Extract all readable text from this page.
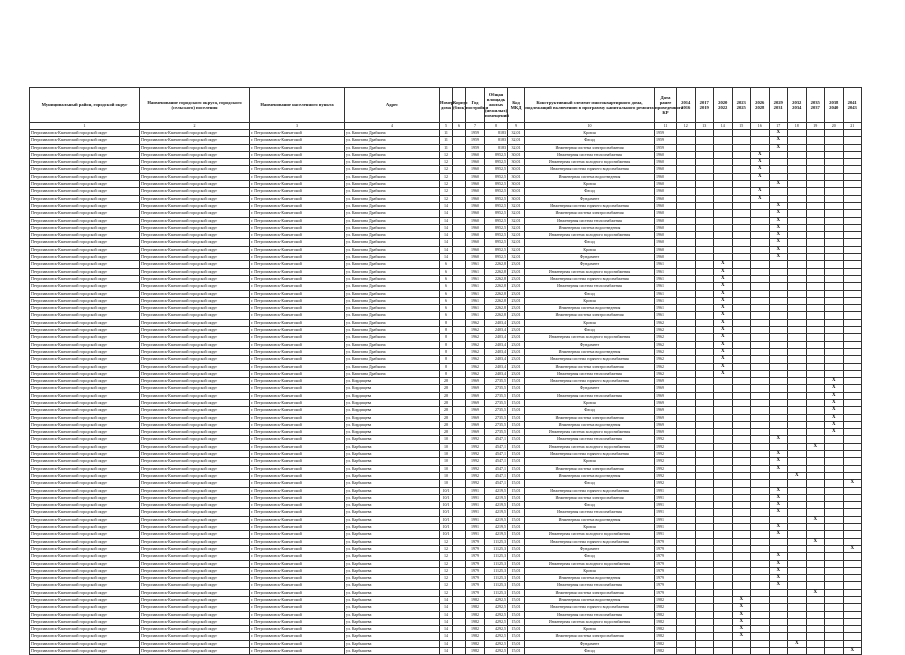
Муниципальный район, городской округ	Наименование городского округа, городского (сельского) поселения	Наименование населенного пункта	Адрес	Номер дома	Корпус (блок)	Год постройки	Общая площадь жилых (нежилых) помещений	Код МКД	Конструктивный элемент многоквартирного дома, подлежащий включению в программу капитального ремонта	Дата ранее проведенного КР	2014 2016	2017 2019	2020 2022	2023 2025	2026 2028	2029 2031	2032 2034	2035 2037	2038 2040	2041 2043
1	2	3	4	5	6	7	8	9	10	11	12	13	14	15	16	17	18	19	20	21
Петропавловск-Камчатский городской округ	Петропавловск-Камчатский городской округ	г. Петропавловск-Камчатский	ул. Капитана Драбкина	11		1959	8183	32,01	Кровля	1959						X				
Петропавловск-Камчатский городской округ	Петропавловск-Камчатский городской округ	г. Петропавловск-Камчатский	ул. Капитана Драбкина	11		1959	8183	32,01	Фасад	1959						X				
Петропавловск-Камчатский городской округ	Петропавловск-Камчатский городской округ	г. Петропавловск-Камчатский	ул. Капитана Драбкина	11		1959	8183	32,01	Инженерная система электроснабжения	1959						X				
Петропавловск-Камчатский городской округ	Петропавловск-Камчатский городской округ	г. Петропавловск-Камчатский	ул. Капитана Драбкина	12		1960	8952,5	30,01	Инженерная система теплоснабжения	1960					X					
Петропавловск-Камчатский городской округ	Петропавловск-Камчатский городской округ	г. Петропавловск-Камчатский	ул. Капитана Драбкина	12		1960	8952,5	30,01	Инженерная система холодного водоснабжения	1960					X					
Петропавловск-Камчатский городской округ	Петропавловск-Камчатский городской округ	г. Петропавловск-Камчатский	ул. Капитана Драбкина	12		1960	8952,5	30,01	Инженерная система горячего водоснабжения	1960					X					
Петропавловск-Камчатский городской округ	Петропавловск-Камчатский городской округ	г. Петропавловск-Камчатский	ул. Капитана Драбкина	12		1960	8952,5	30,01	Инженерная система водоотведения	1960					X					
Петропавловск-Камчатский городской округ	Петропавловск-Камчатский городской округ	г. Петропавловск-Камчатский	ул. Капитана Драбкина	12		1960	8952,5	30,01	Кровля	1960						X				
Петропавловск-Камчатский городской округ	Петропавловск-Камчатский городской округ	г. Петропавловск-Камчатский	ул. Капитана Драбкина	12		1960	8952,5	30,01	Фасад	1960					X					
Петропавловск-Камчатский городской округ	Петропавловск-Камчатский городской округ	г. Петропавловск-Камчатский	ул. Капитана Драбкина	12		1960	8952,5	30,01	Фундамент	1960					X					
Петропавловск-Камчатский городской округ	Петропавловск-Камчатский городской округ	г. Петропавловск-Камчатский	ул. Капитана Драбкина	14		1960	8952,5	32,01	Инженерная система горячего водоснабжения	1960						X				
Петропавловск-Камчатский городской округ	Петропавловск-Камчатский городской округ	г. Петропавловск-Камчатский	ул. Капитана Драбкина	14		1960	8952,5	32,01	Инженерная система электроснабжения	1960						X				
Петропавловск-Камчатский городской округ	Петропавловск-Камчатский городской округ	г. Петропавловск-Камчатский	ул. Капитана Драбкина	14		1960	8952,5	32,01	Инженерная система теплоснабжения	1960						X				
Петропавловск-Камчатский городской округ	Петропавловск-Камчатский городской округ	г. Петропавловск-Камчатский	ул. Капитана Драбкина	14		1960	8952,5	32,01	Инженерная система водоотведения	1960						X				
Петропавловск-Камчатский городской округ	Петропавловск-Камчатский городской округ	г. Петропавловск-Камчатский	ул. Капитана Драбкина	14		1960	8952,5	32,01	Инженерная система холодного водоснабжения	1960						X				
Петропавловск-Камчатский городской округ	Петропавловск-Камчатский городской округ	г. Петропавловск-Камчатский	ул. Капитана Драбкина	14		1960	8952,5	32,01	Фасад	1960						X				
Петропавловск-Камчатский городской округ	Петропавловск-Камчатский городской округ	г. Петропавловск-Камчатский	ул. Капитана Драбкина	14		1960	8952,5	32,01	Кровля	1960						X				
Петропавловск-Камчатский городской округ	Петропавловск-Камчатский городской округ	г. Петропавловск-Камчатский	ул. Капитана Драбкина	14		1960	8952,5	32,01	Фундамент	1960						X				
Петропавловск-Камчатский городской округ	Петропавловск-Камчатский городской округ	г. Петропавловск-Камчатский	ул. Капитана Драбкина	6		1961	2262,8	23,01	Фундамент	1961			X							
Петропавловск-Камчатский городской округ	Петропавловск-Камчатский городской округ	г. Петропавловск-Камчатский	ул. Капитана Драбкина	6		1961	2262,8	23,01	Инженерная система холодного водоснабжения	1961			X							
Петропавловск-Камчатский городской округ	Петропавловск-Камчатский городской округ	г. Петропавловск-Камчатский	ул. Капитана Драбкина	6		1961	2262,8	23,01	Инженерная система горячего водоснабжения	1961			X							
Петропавловск-Камчатский городской округ	Петропавловск-Камчатский городской округ	г. Петропавловск-Камчатский	ул. Капитана Драбкина	6		1961	2262,8	23,01	Инженерная система теплоснабжения	1961			X							
Петропавловск-Камчатский городской округ	Петропавловск-Камчатский городской округ	г. Петропавловск-Камчатский	ул. Капитана Драбкина	6		1961	2262,8	23,01	Фасад	1961			X							
Петропавловск-Камчатский городской округ	Петропавловск-Камчатский городской округ	г. Петропавловск-Камчатский	ул. Капитана Драбкина	6		1961	2262,8	23,01	Кровля	1961			X							
Петропавловск-Камчатский городской округ	Петропавловск-Камчатский городской округ	г. Петропавловск-Камчатский	ул. Капитана Драбкина	6		1961	2262,8	23,01	Инженерная система водоотведения	1961			X							
Петропавловск-Камчатский городской округ	Петропавловск-Камчатский городской округ	г. Петропавловск-Камчатский	ул. Капитана Драбкина	6		1961	2262,8	23,01	Инженерная система электроснабжения	1961			X							
Петропавловск-Камчатский городской округ	Петропавловск-Камчатский городской округ	г. Петропавловск-Камчатский	ул. Капитана Драбкина	8		1962	2403,4	23,01	Кровля	1962			X							
Петропавловск-Камчатский городской округ	Петропавловск-Камчатский городской округ	г. Петропавловск-Камчатский	ул. Капитана Драбкина	8		1962	2403,4	23,01	Фасад	1962			X							
Петропавловск-Камчатский городской округ	Петропавловск-Камчатский городской округ	г. Петропавловск-Камчатский	ул. Капитана Драбкина	8		1962	2403,4	23,01	Инженерная система холодного водоснабжения	1962			X							
Петропавловск-Камчатский городской округ	Петропавловск-Камчатский городской округ	г. Петропавловск-Камчатский	ул. Капитана Драбкина	8		1962	2403,4	23,01	Фундамент	1962			X							
Петропавловск-Камчатский городской округ	Петропавловск-Камчатский городской округ	г. Петропавловск-Камчатский	ул. Капитана Драбкина	8		1962	2403,4	23,01	Инженерная система водоотведения	1962			X							
Петропавловск-Камчатский городской округ	Петропавловск-Камчатский городской округ	г. Петропавловск-Камчатский	ул. Капитана Драбкина	8		1962	2403,4	23,01	Инженерная система горячего водоснабжения	1962			X							
Петропавловск-Камчатский городской округ	Петропавловск-Камчатский городской округ	г. Петропавловск-Камчатский	ул. Капитана Драбкина	8		1962	2403,4	23,01	Инженерная система электроснабжения	1962			X							
Петропавловск-Камчатский городской округ	Петропавловск-Камчатский городской округ	г. Петропавловск-Камчатский	ул. Капитана Драбкина	8		1962	2403,4	23,01	Инженерная система теплоснабжения	1962			X							
Петропавловск-Камчатский городской округ	Петропавловск-Камчатский городской округ	г. Петропавловск-Камчатский	ул. Кирдищева	28		1969	2735,5	15,01	Инженерная система горячего водоснабжения	1969									X	
Петропавловск-Камчатский городской округ	Петропавловск-Камчатский городской округ	г. Петропавловск-Камчатский	ул. Кирдищева	28		1969	2735,5	15,01	Фундамент	1969									X	
Петропавловск-Камчатский городской округ	Петропавловск-Камчатский городской округ	г. Петропавловск-Камчатский	ул. Кирдищева	28		1969	2735,5	15,01	Инженерная система теплоснабжения	1969									X	
Петропавловск-Камчатский городской округ	Петропавловск-Камчатский городской округ	г. Петропавловск-Камчатский	ул. Кирдищева	28		1969	2735,5	15,01	Кровля	1969									X	
Петропавловск-Камчатский городской округ	Петропавловск-Камчатский городской округ	г. Петропавловск-Камчатский	ул. Кирдищева	28		1969	2735,5	15,01	Фасад	1969									X	
Петропавловск-Камчатский городской округ	Петропавловск-Камчатский городской округ	г. Петропавловск-Камчатский	ул. Кирдищева	28		1969	2735,5	15,01	Инженерная система электроснабжения	1969									X	
Петропавловск-Камчатский городской округ	Петропавловск-Камчатский городской округ	г. Петропавловск-Камчатский	ул. Кирдищева	28		1969	2735,5	15,01	Инженерная система водоотведения	1969									X	
Петропавловск-Камчатский городской округ	Петропавловск-Камчатский городской округ	г. Петропавловск-Камчатский	ул. Кирдищева	28		1969	2735,5	15,01	Инженерная система холодного водоснабжения	1969									X	
Петропавловск-Камчатский городской округ	Петропавловск-Камчатский городской округ	г. Петропавловск-Камчатский	ул. Карбышева	10		1992	4547,1	15,01	Инженерная система теплоснабжения	1992						X				
Петропавловск-Камчатский городской округ	Петропавловск-Камчатский городской округ	г. Петропавловск-Камчатский	ул. Карбышева	10		1992	4547,1	15,01	Инженерная система холодного водоснабжения	1992								X		
Петропавловск-Камчатский городской округ	Петропавловск-Камчатский городской округ	г. Петропавловск-Камчатский	ул. Карбышева	10		1992	4547,1	15,01	Инженерная система горячего водоснабжения	1992						X				
Петропавловск-Камчатский городской округ	Петропавловск-Камчатский городской округ	г. Петропавловск-Камчатский	ул. Карбышева	10		1992	4547,1	15,01	Кровля	1992						X				
Петропавловск-Камчатский городской округ	Петропавловск-Камчатский городской округ	г. Петропавловск-Камчатский	ул. Карбышева	10		1992	4547,1	15,01	Инженерная система электроснабжения	1992						X				
Петропавловск-Камчатский городской округ	Петропавловск-Камчатский городской округ	г. Петропавловск-Камчатский	ул. Карбышева	10		1992	4547,1	15,01	Инженерная система водоотведения	1992							X			
Петропавловск-Камчатский городской округ	Петропавловск-Камчатский городской округ	г. Петропавловск-Камчатский	ул. Карбышева	10		1992	4547,1	15,01	Фасад	1992										X
Петропавловск-Камчатский городской округ	Петропавловск-Камчатский городской округ	г. Петропавловск-Камчатский	ул. Карбышева	10/1		1991	4219,5	15,01	Инженерная система горячего водоснабжения	1991						X				
Петропавловск-Камчатский городской округ	Петропавловск-Камчатский городской округ	г. Петропавловск-Камчатский	ул. Карбышева	10/1		1991	4219,5	15,01	Инженерная система электроснабжения	1991						X				
Петропавловск-Камчатский городской округ	Петропавловск-Камчатский городской округ	г. Петропавловск-Камчатский	ул. Карбышева	10/1		1991	4219,5	15,01	Фасад	1991						X				
Петропавловск-Камчатский городской округ	Петропавловск-Камчатский городской округ	г. Петропавловск-Камчатский	ул. Карбышева	10/1		1991	4219,5	15,01	Инженерная система теплоснабжения	1991						X				
Петропавловск-Камчатский городской округ	Петропавловск-Камчатский городской округ	г. Петропавловск-Камчатский	ул. Карбышева	10/1		1991	4219,5	15,01	Инженерная система водоотведения	1991								X		
Петропавловск-Камчатский городской округ	Петропавловск-Камчатский городской округ	г. Петропавловск-Камчатский	ул. Карбышева	10/1		1991	4219,5	15,01	Кровля	1991						X				
Петропавловск-Камчатский городской округ	Петропавловск-Камчатский городской округ	г. Петропавловск-Камчатский	ул. Карбышева	10/1		1991	4219,5	15,01	Инженерная система холодного водоснабжения	1991						X				
Петропавловск-Камчатский городской округ	Петропавловск-Камчатский городской округ	г. Петропавловск-Камчатский	ул. Карбышева	12		1979	11125,3	15,01	Инженерная система горячего водоснабжения	1979								X		
Петропавловск-Камчатский городской округ	Петропавловск-Камчатский городской округ	г. Петропавловск-Камчатский	ул. Карбышева	12		1979	11125,3	15,01	Фундамент	1979										X
Петропавловск-Камчатский городской округ	Петропавловск-Камчатский городской округ	г. Петропавловск-Камчатский	ул. Карбышева	12		1979	11125,3	15,01	Фасад	1979						X				
Петропавловск-Камчатский городской округ	Петропавловск-Камчатский городской округ	г. Петропавловск-Камчатский	ул. Карбышева	12		1979	11125,3	15,01	Инженерная система холодного водоснабжения	1979						X				
Петропавловск-Камчатский городской округ	Петропавловск-Камчатский городской округ	г. Петропавловск-Камчатский	ул. Карбышева	12		1979	11125,3	15,01	Кровля	1979						X				
Петропавловск-Камчатский городской округ	Петропавловск-Камчатский городской округ	г. Петропавловск-Камчатский	ул. Карбышева	12		1979	11125,3	15,01	Инженерная система водоотведения	1979						X				
Петропавловск-Камчатский городской округ	Петропавловск-Камчатский городской округ	г. Петропавловск-Камчатский	ул. Карбышева	12		1979	11125,3	15,01	Инженерная система теплоснабжения	1979						X				
Петропавловск-Камчатский городской округ	Петропавловск-Камчатский городской округ	г. Петропавловск-Камчатский	ул. Карбышева	12		1979	11125,3	15,01	Инженерная система электроснабжения	1979								X		
Петропавловск-Камчатский городской округ	Петропавловск-Камчатский городской округ	г. Петропавловск-Камчатский	ул. Карбышева	14		1982	4292,5	15,01	Инженерная система водоотведения	1982				X						
Петропавловск-Камчатский городской округ	Петропавловск-Камчатский городской округ	г. Петропавловск-Камчатский	ул. Карбышева	14		1982	4292,5	15,01	Инженерная система горячего водоснабжения	1982				X						
Петропавловск-Камчатский городской округ	Петропавловск-Камчатский городской округ	г. Петропавловск-Камчатский	ул. Карбышева	14		1982	4292,5	15,01	Инженерная система теплоснабжения	1982				X						
Петропавловск-Камчатский городской округ	Петропавловск-Камчатский городской округ	г. Петропавловск-Камчатский	ул. Карбышева	14		1982	4292,5	15,01	Инженерная система холодного водоснабжения	1982				X						
Петропавловск-Камчатский городской округ	Петропавловск-Камчатский городской округ	г. Петропавловск-Камчатский	ул. Карбышева	14		1982	4292,5	15,01	Кровля	1982				X						
Петропавловск-Камчатский городской округ	Петропавловск-Камчатский городской округ	г. Петропавловск-Камчатский	ул. Карбышева	14		1982	4292,5	15,01	Инженерная система электроснабжения	1982				X						
Петропавловск-Камчатский городской округ	Петропавловск-Камчатский городской округ	г. Петропавловск-Камчатский	ул. Карбышева	14		1982	4292,5	15,01	Фундамент	1982							X			
Петропавловск-Камчатский городской округ	Петропавловск-Камчатский городской округ	г. Петропавловск-Камчатский	ул. Карбышева	14		1982	4292,5	15,01	Фасад	1982										X
